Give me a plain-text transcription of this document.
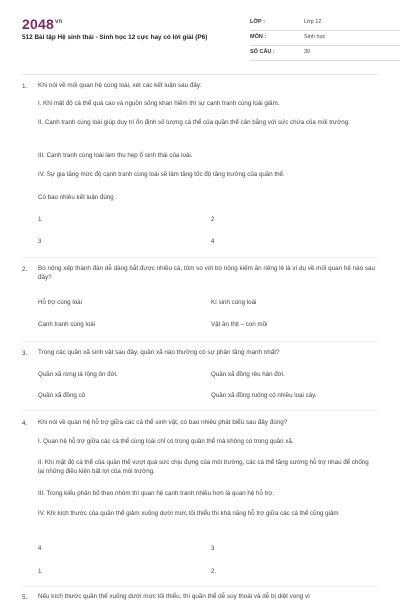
$2048^{vn}$
512 Bài tập Hệ sinh thái - Sinh học 12 cực hay có lời giải (P6)
LỚP :	Lớp 12
MÔN :	Sinh học
SỐ CÂU :	30
1. Khi nói về mối quan hệ cùng loài, xét các kết luận sau đây:
I. Khi mật độ cá thể quá cao và nguồn sống khan hiếm thì sự cạnh tranh cùng loài giảm.
II. Cạnh tranh cùng loài giúp duy trì ổn định số lượng cá thể của quần thể cân bằng với sức chứa của môi trường.
III. Cạnh tranh cùng loài làm thu hẹp ổ sinh thái của loài.
IV. Sự gia tăng mức độ cạnh tranh cùng loài sẽ làm tăng tốc độ tăng trưởng của quần thể.
Có bao nhiêu kết luận đúng :
1	2
3	4
2. Bò nông xếp thành đàn dễ dàng bắt được nhiều cá, tôm so với bò nông kiếm ăn riêng lẻ là ví dụ về mối quan hệ nào sau đây?
Hỗ trợ cùng loài	Kí sinh cùng loài
Cạnh tranh cùng loài	Vật ăn thịt – con mồi
3. Trong các quần xã sinh vật sau đây, quần xã nào thường có sự phân tầng mạnh nhất?
Quần xã rừng lá rộng ôn đới.	Quần xã đồng rêu hàn đới.
Quần xã đồng cỏ	Quần xã đồng ruộng có nhiều loại cây.
4. Khi nói về quan hệ hỗ trợ giữa các cá thể sinh vật, có bao nhiêu phát biểu sau đây đúng?
I. Quan hệ hỗ trợ giữa các cá thể cùng loài chỉ có trong quần thể mà không có trong quần xã.
II. Khi mật độ cá thể của quần thể vượt quá sức chịu đựng của môi trường, các cá thể tăng cường hỗ trợ nhau để chống lại những điều kiện bất lợi của môi trường.
III. Trong kiểu phân bố theo nhóm thì quan hệ cạnh tranh nhiều hơn là quan hệ hỗ trợ.
IV. Khi kích thước của quần thể giảm xuống dưới mức tối thiểu thì khả năng hỗ trợ giữa các cá thể cũng giảm
4	3
1	2.
5. Nếu kích thước quần thể xuống dưới mức tối thiểu, thì quần thể dễ suy thoái và dễ bị diệt vong vì
